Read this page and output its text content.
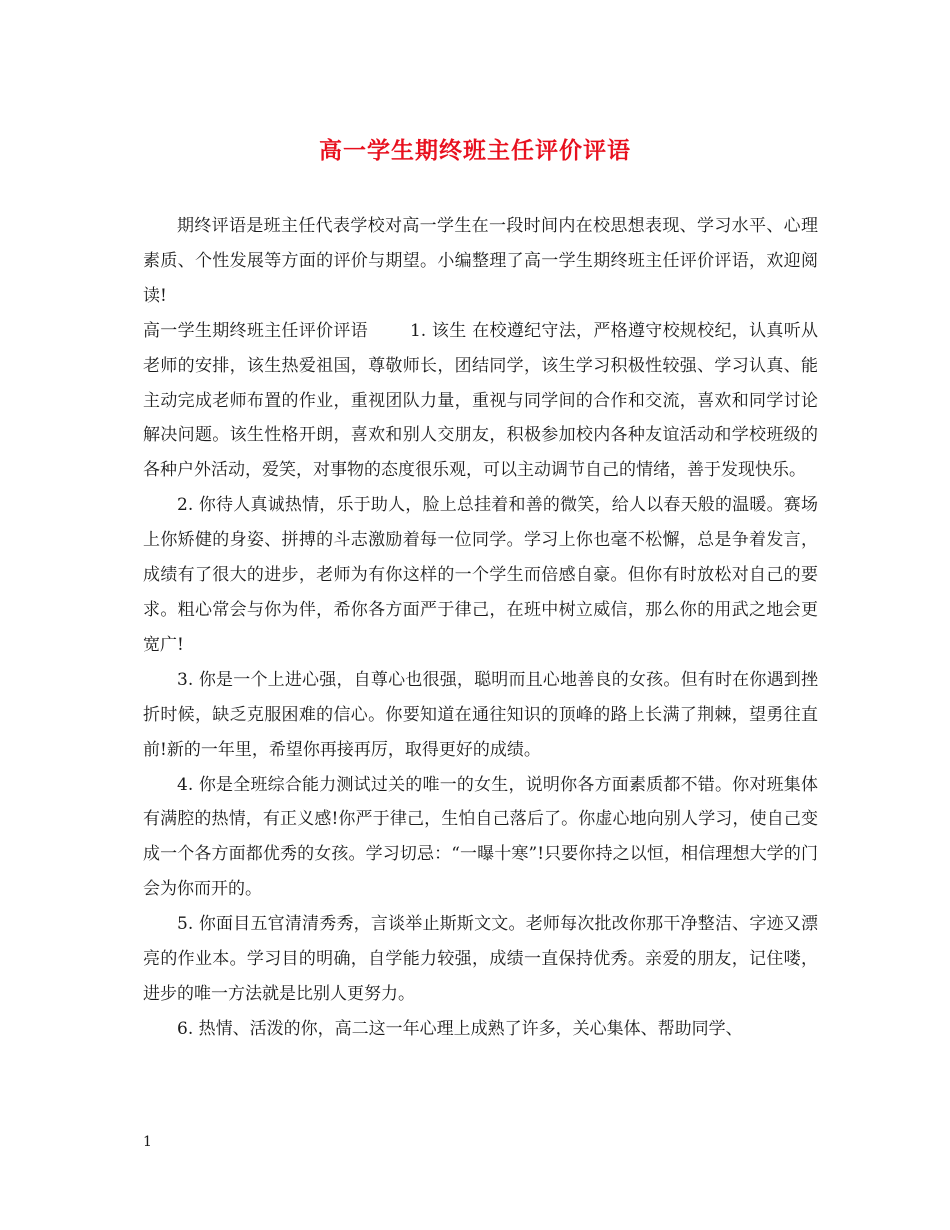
高一学生期终班主任评价评语

期终评语是班主任代表学校对高一学生在一段时间内在校思想表现、学习水平、心理素质、个性发展等方面的评价与期望。小编整理了高一学生期终班主任评价评语，欢迎阅读!

高一学生期终班主任评价评语 1. 该生 在校遵纪守法，严格遵守校规校纪，认真听从老师的安排，该生热爱祖国，尊敬师长，团结同学，该生学习积极性较强、学习认真、能主动完成老师布置的作业，重视团队力量，重视与同学间的合作和交流，喜欢和同学讨论解决问题。该生性格开朗，喜欢和别人交朋友，积极参加校内各种友谊活动和学校班级的各种户外活动，爱笑，对事物的态度很乐观，可以主动调节自己的情绪，善于发现快乐。

2. 你待人真诚热情，乐于助人，脸上总挂着和善的微笑，给人以春天般的温暖。赛场上你矫健的身姿、拼搏的斗志激励着每一位同学。学习上你也毫不松懈，总是争着发言，成绩有了很大的进步，老师为有你这样的一个学生而倍感自豪。但你有时放松对自己的要求。粗心常会与你为伴，希你各方面严于律己，在班中树立威信，那么你的用武之地会更宽广!

3. 你是一个上进心强，自尊心也很强，聪明而且心地善良的女孩。但有时在你遇到挫折时候，缺乏克服困难的信心。你要知道在通往知识的顶峰的路上长满了荆棘，望勇往直前!新的一年里，希望你再接再厉，取得更好的成绩。

4. 你是全班综合能力测试过关的唯一的女生，说明你各方面素质都不错。你对班集体有满腔的热情，有正义感!你严于律己，生怕自己落后了。你虚心地向别人学习，使自己变成一个各方面都优秀的女孩。学习切忌：“一曝十寒”!只要你持之以恒，相信理想大学的门会为你而开的。

5. 你面目五官清清秀秀，言谈举止斯斯文文。老师每次批改你那干净整洁、字迹又漂亮的作业本。学习目的明确，自学能力较强，成绩一直保持优秀。亲爱的朋友，记住喽，进步的唯一方法就是比别人更努力。

6. 热情、活泼的你，高二这一年心理上成熟了许多，关心集体、帮助同学、

1
